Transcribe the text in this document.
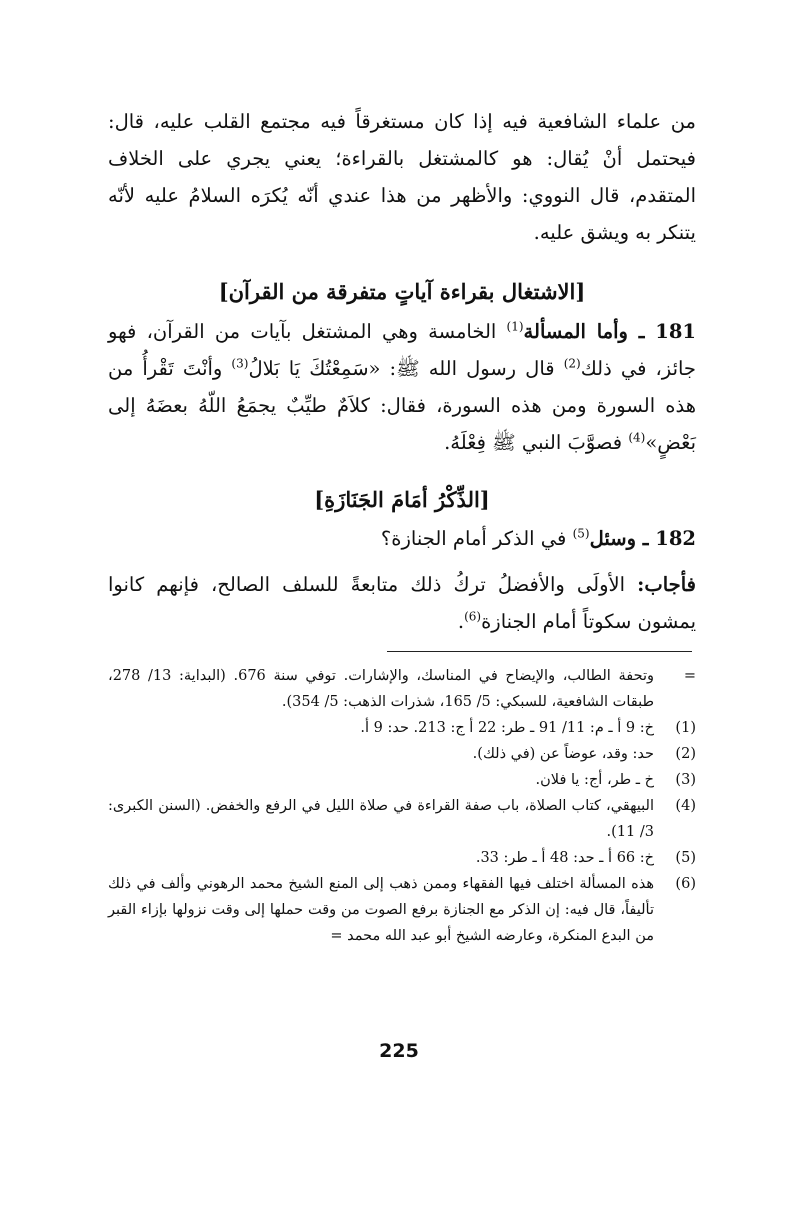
من علماء الشافعية فيه إذا كان مستغرقاً فيه مجتمع القلب عليه، قال: فيحتمل أنْ يُقال: هو كالمشتغل بالقراءة؛ يعني يجري على الخلاف المتقدم، قال النووي: والأظهر من هذا عندي أنّه يُكرَه السلامُ عليه لأنّه يتنكر به ويشق عليه.

[الاشتغال بقراءة آياتٍ متفرقة من القرآن]

181 ـ وأما المسألة$^{(1)}$ الخامسة وهي المشتغل بآيات من القرآن، فهو جائز، في ذلك$^{(2)}$ قال رسول الله ﷺ: «سَمِعْتُكَ يَا بَلالُ$^{(3)}$ وأنْتَ تَقْرأُ من هذه السورة ومن هذه السورة، فقال: كلاَمٌ طيِّبٌ يجمَعُ اللّهُ بعضَهُ إلى بَعْضٍ»$^{(4)}$ فصوَّبَ النبي ﷺ فِعْلَهُ.

[الذِّكْرُ أمَامَ الجَنَازَةِ]

182 ـ وسئل$^{(5)}$ في الذكر أمام الجنازة؟

فأجاب: الأولَى والأفضلُ تركُ ذلك متابعةً للسلف الصالح، فإنهم كانوا يمشون سكوتاً أمام الجنازة$^{(6)}$.

=
وتحفة الطالب، والإيضاح في المناسك، والإشارات. توفي سنة 676. (البداية: 13/ 278، طبقات الشافعية، للسبكي: 5/ 165، شذرات الذهب: 5/ 354).
(1)
خ: 9 أ ـ م: 11/ 91 ـ طر: 22 أ ج: 213. حد: 9 أ.
(2)
حد: وقد، عوضاً عن (في ذلك).
(3)
خ ـ طر، أج: يا فلان.
(4)
البيهقي، كتاب الصلاة، باب صفة القراءة في صلاة الليل في الرفع والخفض. (السنن الكبرى: 3/ 11).
(5)
خ: 66 أ ـ حد: 48 أ ـ طر: 33.
(6)
هذه المسألة اختلف فيها الفقهاء وممن ذهب إلى المنع الشيخ محمد الرهوني وألف في ذلك تأليفاً، قال فيه: إن الذكر مع الجنازة برفع الصوت من وقت حملها إلى وقت نزولها بإزاء القبر من البدع المنكرة، وعارضه الشيخ أبو عبد الله محمد =
225
